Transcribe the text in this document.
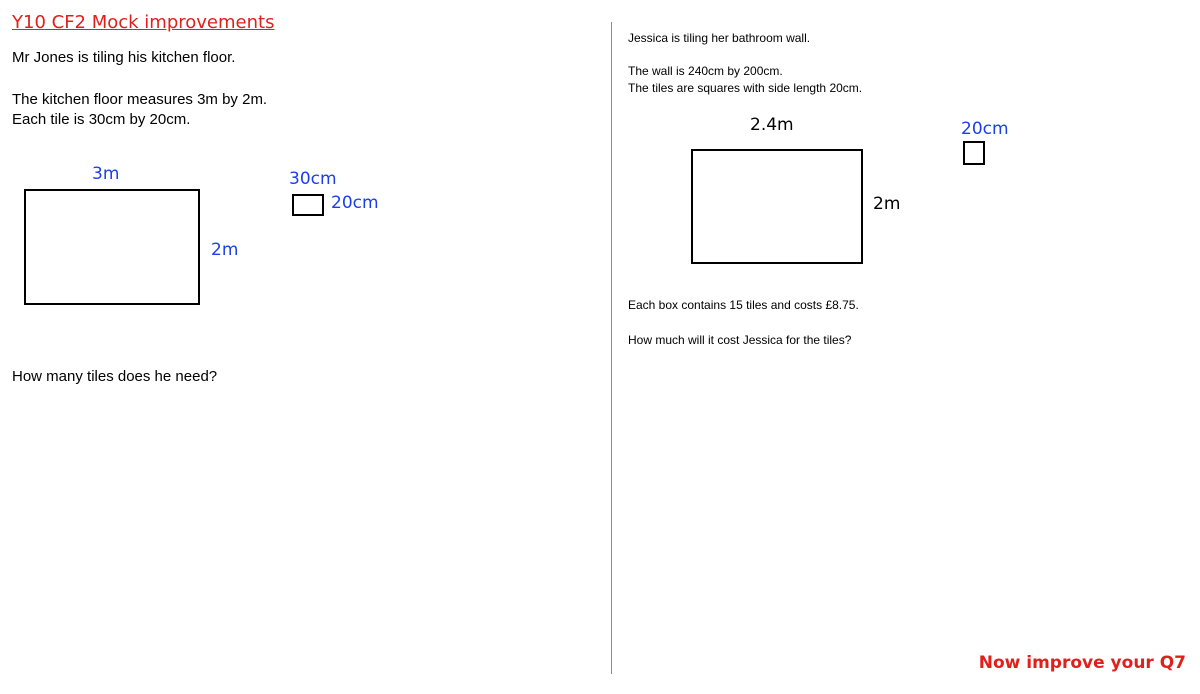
Y10 CF2 Mock improvements
Mr Jones is tiling his kitchen floor.
The kitchen floor measures 3m by 2m.
Each tile is 30cm by 20cm.
3m
2m
30cm
20cm
How many tiles does he need?
Jessica is tiling her bathroom wall.
The wall is 240cm by 200cm.
The tiles are squares with side length 20cm.
2.4m
2m
20cm
Each box contains 15 tiles and costs £8.75.
How much will it cost Jessica for the tiles?
Now improve your Q7
